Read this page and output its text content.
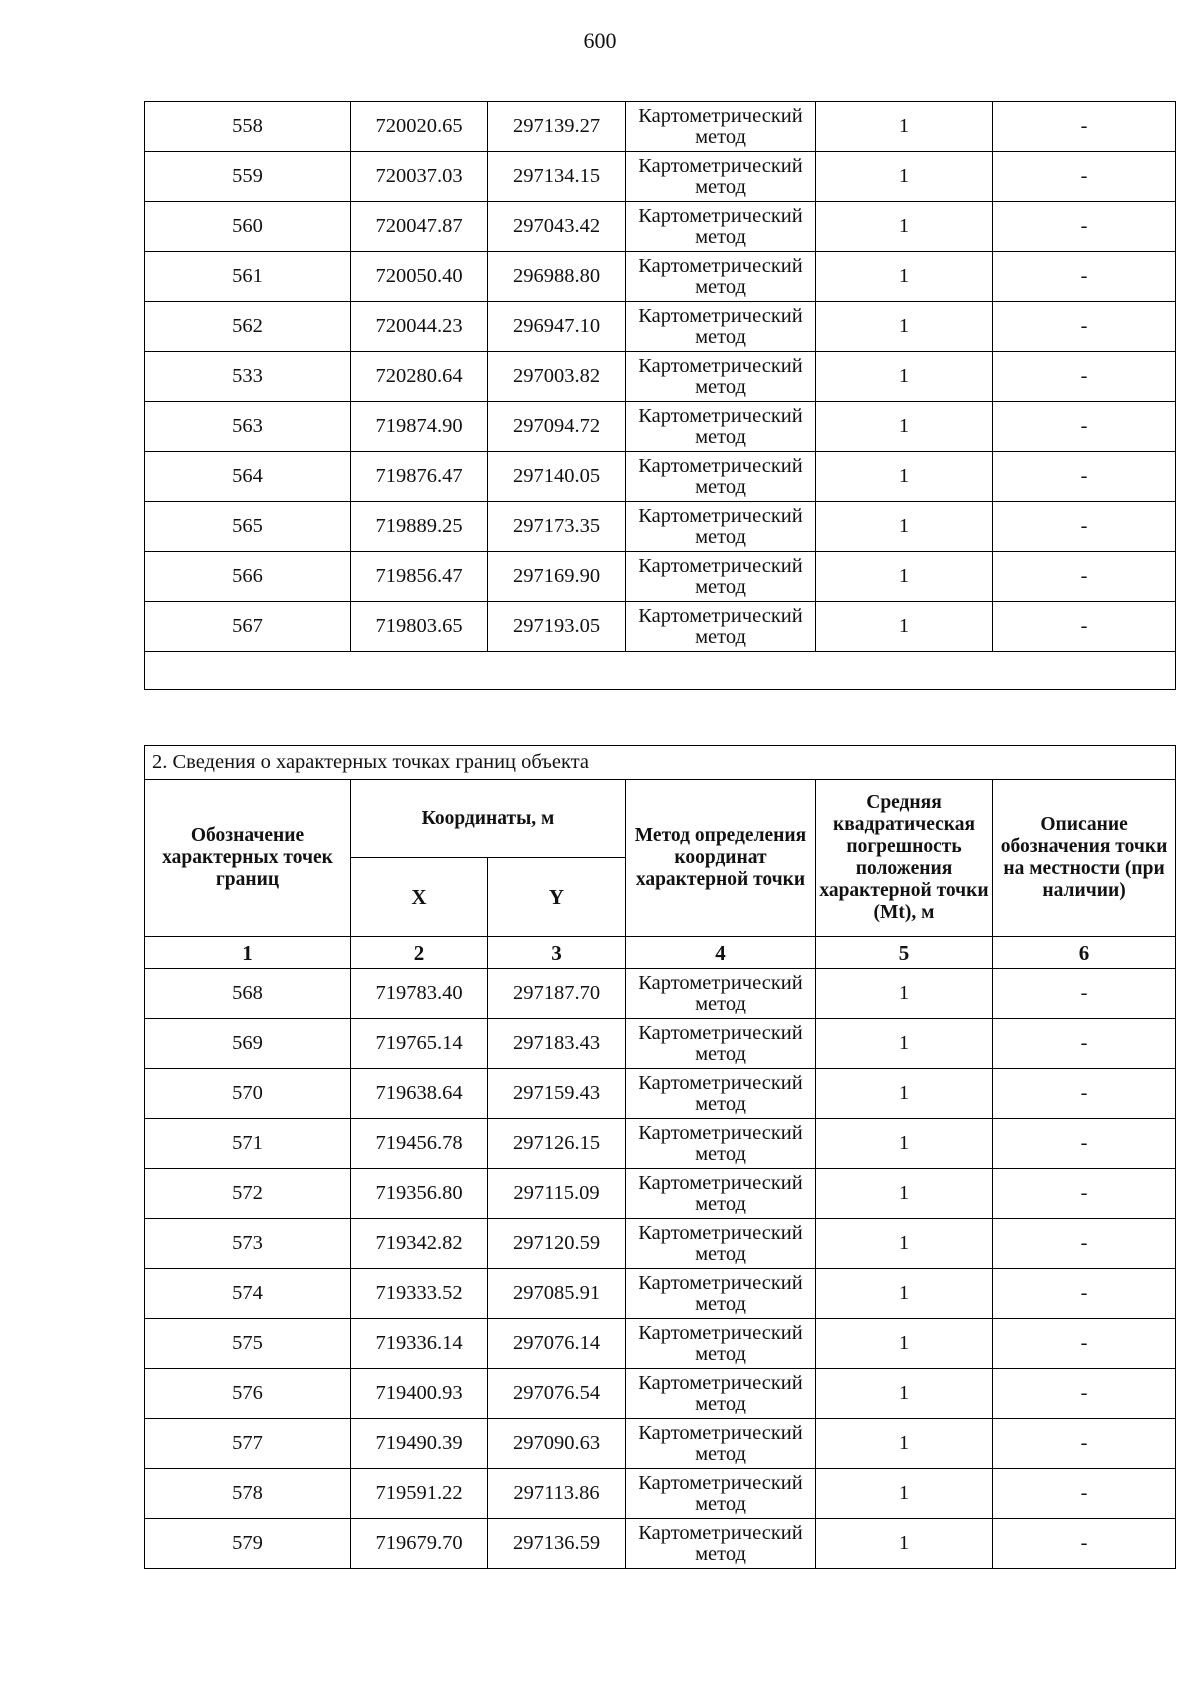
600
558	720020.65	297139.27	Картометрический метод	1	-
559	720037.03	297134.15	Картометрический метод	1	-
560	720047.87	297043.42	Картометрический метод	1	-
561	720050.40	296988.80	Картометрический метод	1	-
562	720044.23	296947.10	Картометрический метод	1	-
533	720280.64	297003.82	Картометрический метод	1	-
563	719874.90	297094.72	Картометрический метод	1	-
564	719876.47	297140.05	Картометрический метод	1	-
565	719889.25	297173.35	Картометрический метод	1	-
566	719856.47	297169.90	Картометрический метод	1	-
567	719803.65	297193.05	Картометрический метод	1	-

2. Сведения о характерных точках границ объекта					
Обозначение характерных точек границ	Координаты, м		Метод определения координат характерной точки	Средняя квадратическая погрешность положения характерной точки (Mt), м	Описание обозначения точки на местности (при наличии)
	X	Y			
1	2	3	4	5	6
568	719783.40	297187.70	Картометрический метод	1	-
569	719765.14	297183.43	Картометрический метод	1	-
570	719638.64	297159.43	Картометрический метод	1	-
571	719456.78	297126.15	Картометрический метод	1	-
572	719356.80	297115.09	Картометрический метод	1	-
573	719342.82	297120.59	Картометрический метод	1	-
574	719333.52	297085.91	Картометрический метод	1	-
575	719336.14	297076.14	Картометрический метод	1	-
576	719400.93	297076.54	Картометрический метод	1	-
577	719490.39	297090.63	Картометрический метод	1	-
578	719591.22	297113.86	Картометрический метод	1	-
579	719679.70	297136.59	Картометрический метод	1	-
